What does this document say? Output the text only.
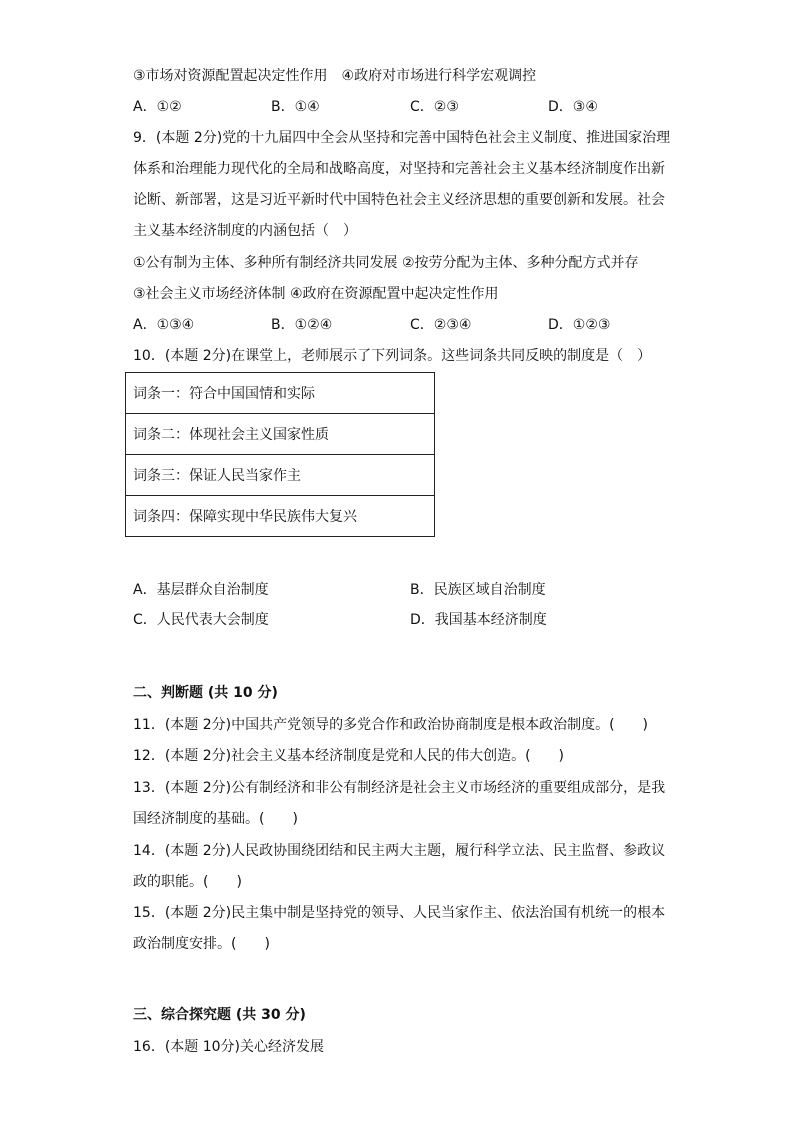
③市场对资源配置起决定性作用　④政府对市场进行科学宏观调控
A．①②	B．①④	C．②③	D．③④
9．(本题 2分)党的十九届四中全会从坚持和完善中国特色社会主义制度、推进国家治理
体系和治理能力现代化的全局和战略高度，对坚持和完善社会主义基本经济制度作出新
论断、新部署，这是习近平新时代中国特色社会主义经济思想的重要创新和发展。社会
主义基本经济制度的内涵包括（　）
①公有制为主体、多种所有制经济共同发展 ②按劳分配为主体、多种分配方式并存
③社会主义市场经济体制 ④政府在资源配置中起决定性作用
A．①③④	B．①②④	C．②③④	D．①②③
10．(本题 2分)在课堂上，老师展示了下列词条。这些词条共同反映的制度是（　）
词条一：符合中国国情和实际
词条二：体现社会主义国家性质
词条三：保证人民当家作主
词条四：保障实现中华民族伟大复兴
A．基层群众自治制度	B．民族区域自治制度
C．人民代表大会制度	D．我国基本经济制度
二、判断题 (共 10 分)
11．(本题 2分)中国共产党领导的多党合作和政治协商制度是根本政治制度。(　　)
12．(本题 2分)社会主义基本经济制度是党和人民的伟大创造。(　　)
13．(本题 2分)公有制经济和非公有制经济是社会主义市场经济的重要组成部分，是我
国经济制度的基础。(　　)
14．(本题 2分)人民政协围绕团结和民主两大主题，履行科学立法、民主监督、参政议
政的职能。(　　)
15．(本题 2分)民主集中制是坚持党的领导、人民当家作主、依法治国有机统一的根本
政治制度安排。(　　)
三、综合探究题 (共 30 分)
16．(本题 10分)关心经济发展
